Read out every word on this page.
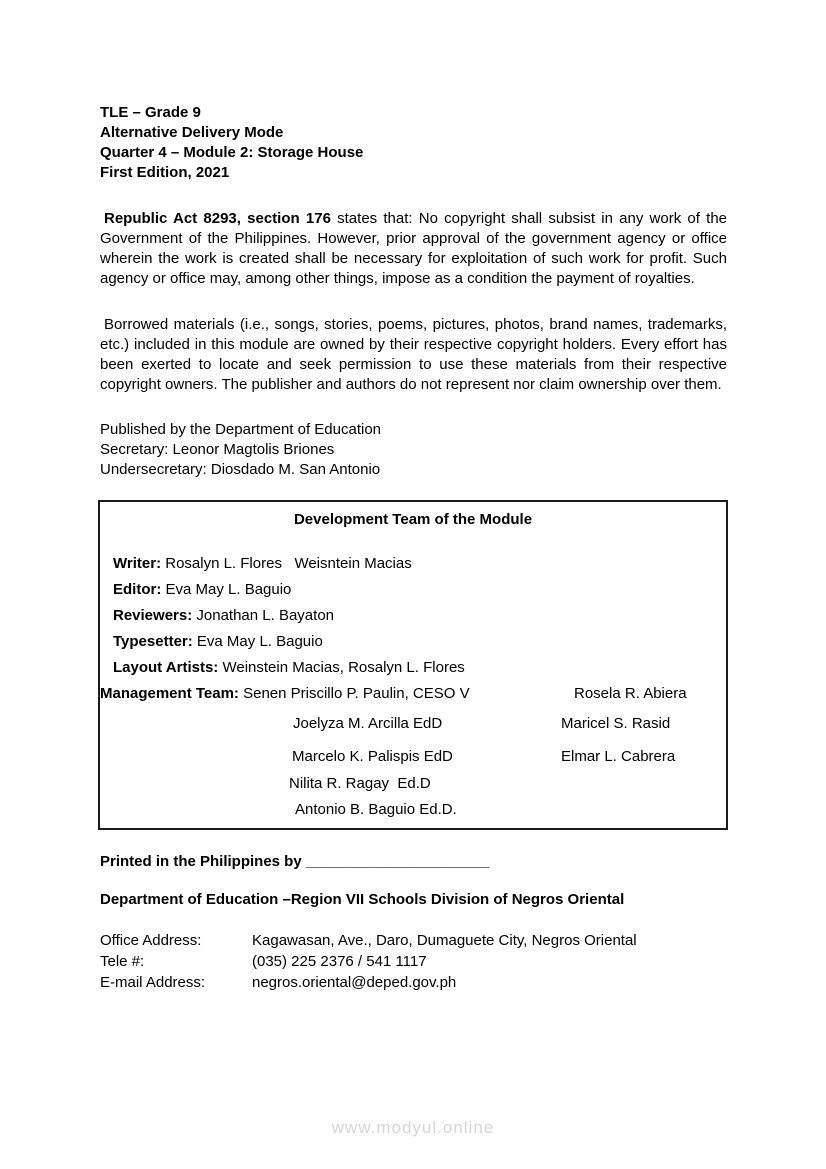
TLE – Grade 9
Alternative Delivery Mode
Quarter 4 – Module 2: Storage House
First Edition, 2021

Republic Act 8293, section 176 states that: No copyright shall subsist in any work of the Government of the Philippines. However, prior approval of the government agency or office wherein the work is created shall be necessary for exploitation of such work for profit. Such agency or office may, among other things, impose as a condition the payment of royalties.

Borrowed materials (i.e., songs, stories, poems, pictures, photos, brand names, trademarks, etc.) included in this module are owned by their respective copyright holders. Every effort has been exerted to locate and seek permission to use these materials from their respective copyright owners. The publisher and authors do not represent nor claim ownership over them.

Published by the Department of Education
Secretary: Leonor Magtolis Briones
Undersecretary: Diosdado M. San Antonio
Development Team of the Module
Writer: Rosalyn L. Flores   Weisntein Macias
Editor: Eva May L. Baguio
Reviewers: Jonathan L. Bayaton
Typesetter: Eva May L. Baguio
Layout Artists: Weinstein Macias, Rosalyn L. Flores
Management Team: Senen Priscillo P. Paulin, CESO V	Rosela R. Abiera
Joelyza M. Arcilla EdD	Maricel S. Rasid
Marcelo K. Palispis EdD	Elmar L. Cabrera
Nilita R. Ragay  Ed.D
Antonio B. Baguio Ed.D.
Printed in the Philippines by ______________________
Department of Education –Region VII Schools Division of Negros Oriental
Office Address:	Kagawasan, Ave., Daro, Dumaguete City, Negros Oriental
Tele #:	(035) 225 2376 / 541 1117
E-mail Address:	negros.oriental@deped.gov.ph
www.modyul.online
